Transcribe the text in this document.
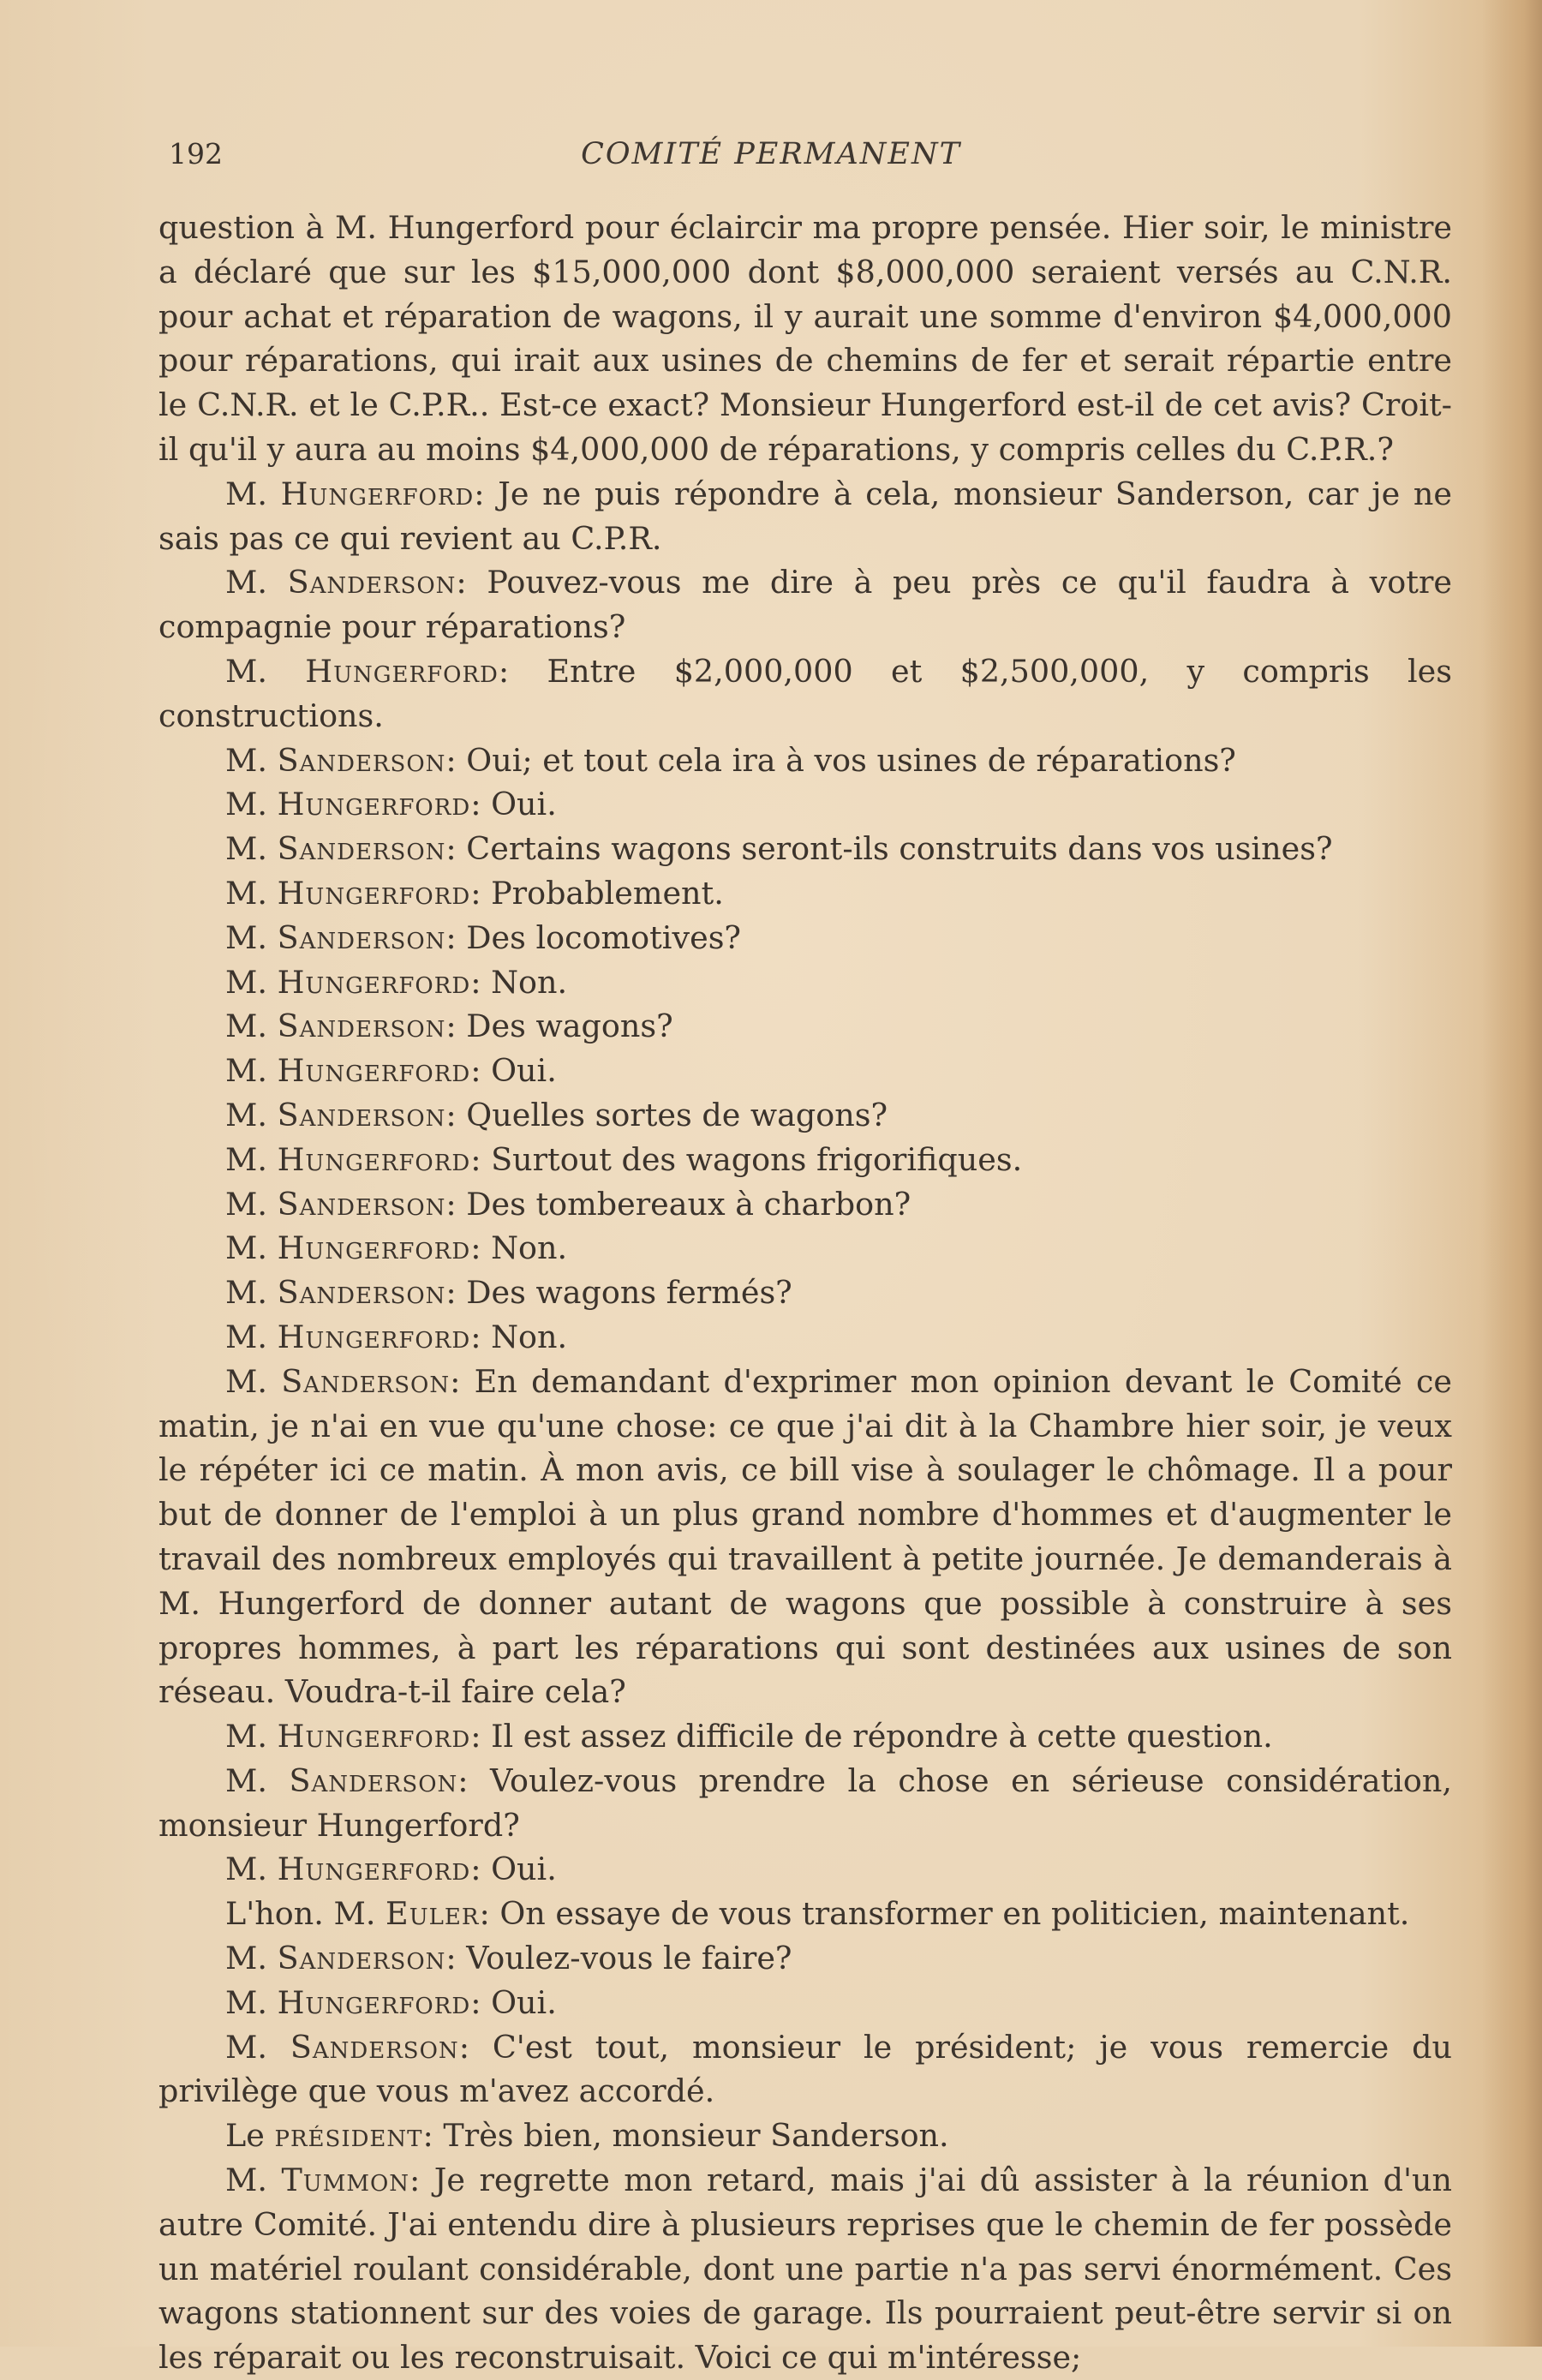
192	COMITÉ PERMANENT

question à M. Hungerford pour éclaircir ma propre pensée. Hier soir, le ministre a déclaré que sur les $15,000,000 dont $8,000,000 seraient versés au C.N.R. pour achat et réparation de wagons, il y aurait une somme d'environ $4,000,000 pour réparations, qui irait aux usines de chemins de fer et serait répartie entre le C.N.R. et le C.P.R.. Est-ce exact? Monsieur Hungerford est-il de cet avis? Croit-il qu'il y aura au moins $4,000,000 de réparations, y compris celles du C.P.R.?

M. Hungerford: Je ne puis répondre à cela, monsieur Sanderson, car je ne sais pas ce qui revient au C.P.R.

M. Sanderson: Pouvez-vous me dire à peu près ce qu'il faudra à votre compagnie pour réparations?

M. Hungerford: Entre $2,000,000 et $2,500,000, y compris les constructions.

M. Sanderson: Oui; et tout cela ira à vos usines de réparations?

M. Hungerford: Oui.

M. Sanderson: Certains wagons seront-ils construits dans vos usines?

M. Hungerford: Probablement.

M. Sanderson: Des locomotives?

M. Hungerford: Non.

M. Sanderson: Des wagons?

M. Hungerford: Oui.

M. Sanderson: Quelles sortes de wagons?

M. Hungerford: Surtout des wagons frigorifiques.

M. Sanderson: Des tombereaux à charbon?

M. Hungerford: Non.

M. Sanderson: Des wagons fermés?

M. Hungerford: Non.

M. Sanderson: En demandant d'exprimer mon opinion devant le Comité ce matin, je n'ai en vue qu'une chose: ce que j'ai dit à la Chambre hier soir, je veux le répéter ici ce matin. À mon avis, ce bill vise à soulager le chômage. Il a pour but de donner de l'emploi à un plus grand nombre d'hommes et d'augmenter le travail des nombreux employés qui travaillent à petite journée. Je demanderais à M. Hungerford de donner autant de wagons que possible à construire à ses propres hommes, à part les réparations qui sont destinées aux usines de son réseau. Voudra-t-il faire cela?

M. Hungerford: Il est assez difficile de répondre à cette question.

M. Sanderson: Voulez-vous prendre la chose en sérieuse considération, monsieur Hungerford?

M. Hungerford: Oui.

L'hon. M. Euler: On essaye de vous transformer en politicien, maintenant.

M. Sanderson: Voulez-vous le faire?

M. Hungerford: Oui.

M. Sanderson: C'est tout, monsieur le président; je vous remercie du privilège que vous m'avez accordé.

Le président: Très bien, monsieur Sanderson.

M. Tummon: Je regrette mon retard, mais j'ai dû assister à la réunion d'un autre Comité. J'ai entendu dire à plusieurs reprises que le chemin de fer possède un matériel roulant considérable, dont une partie n'a pas servi énormément. Ces wagons stationnent sur des voies de garage. Ils pourraient peut-être servir si on les réparait ou les reconstruisait. Voici ce qui m'intéresse;
